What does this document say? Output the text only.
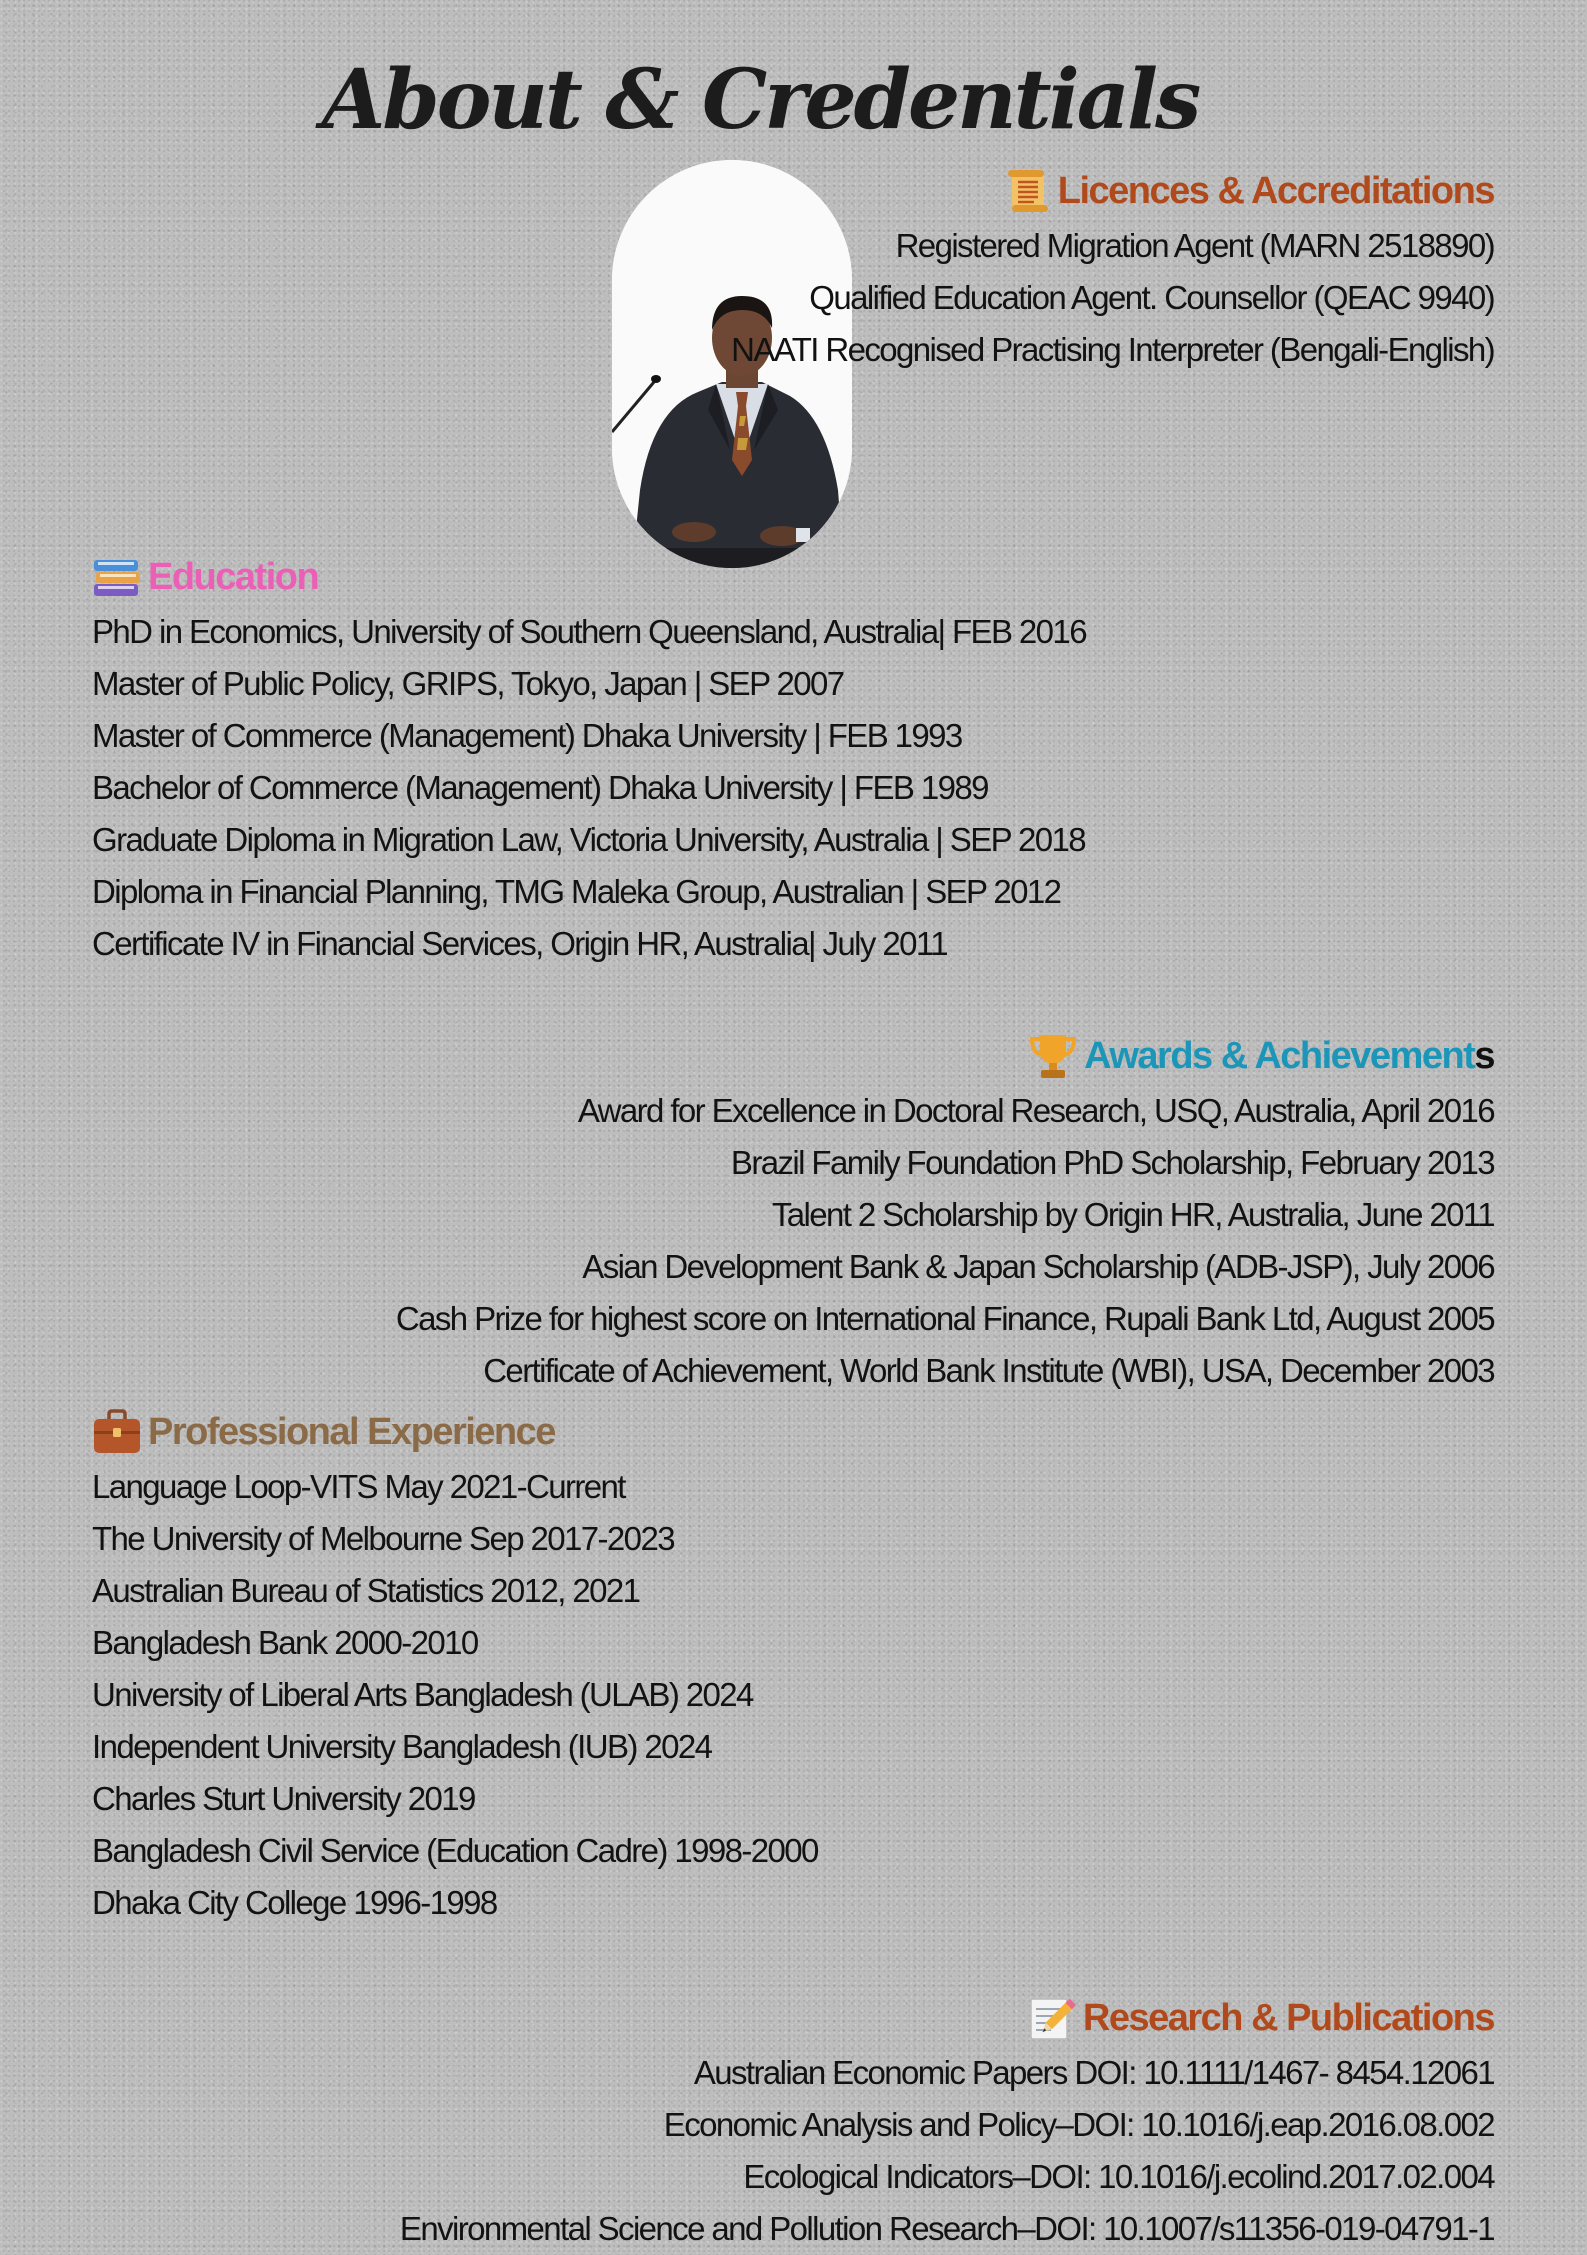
About & Credentials
Licences & Accreditations
Registered Migration Agent (MARN 2518890)
Qualified Education Agent. Counsellor (QEAC 9940)
NAATI Recognised Practising Interpreter (Bengali-English)
Education
PhD in Economics, University of Southern Queensland, Australia| FEB 2016
Master of Public Policy, GRIPS, Tokyo, Japan | SEP 2007
Master of Commerce (Management) Dhaka University | FEB 1993
Bachelor of Commerce (Management) Dhaka University | FEB 1989
Graduate Diploma in Migration Law, Victoria University, Australia | SEP 2018
Diploma in Financial Planning, TMG Maleka Group, Australian | SEP 2012
Certificate IV in Financial Services, Origin HR, Australia| July 2011
Awards & Achievement s
Award for Excellence in Doctoral Research, USQ, Australia, April 2016
Brazil Family Foundation PhD Scholarship, February 2013
Talent 2 Scholarship by Origin HR, Australia, June 2011
Asian Development Bank & Japan Scholarship (ADB-JSP), July 2006
Cash Prize for highest score on International Finance, Rupali Bank Ltd, August 2005
Certificate of Achievement, World Bank Institute (WBI), USA, December 2003
Professional Experience
Language Loop-VITS May 2021-Current
The University of Melbourne Sep 2017-2023
Australian Bureau of Statistics 2012, 2021
Bangladesh Bank 2000-2010
University of Liberal Arts Bangladesh (ULAB) 2024
Independent University Bangladesh (IUB) 2024
Charles Sturt University 2019
Bangladesh Civil Service (Education Cadre) 1998-2000
Dhaka City College 1996-1998
Research & Publications
Australian Economic Papers DOI: 10.1111/1467- 8454.12061
Economic Analysis and Policy–DOI: 10.1016/j.eap.2016.08.002
Ecological Indicators–DOI: 10.1016/j.ecolind.2017.02.004
Environmental Science and Pollution Research–DOI: 10.1007/s11356-019-04791-1
